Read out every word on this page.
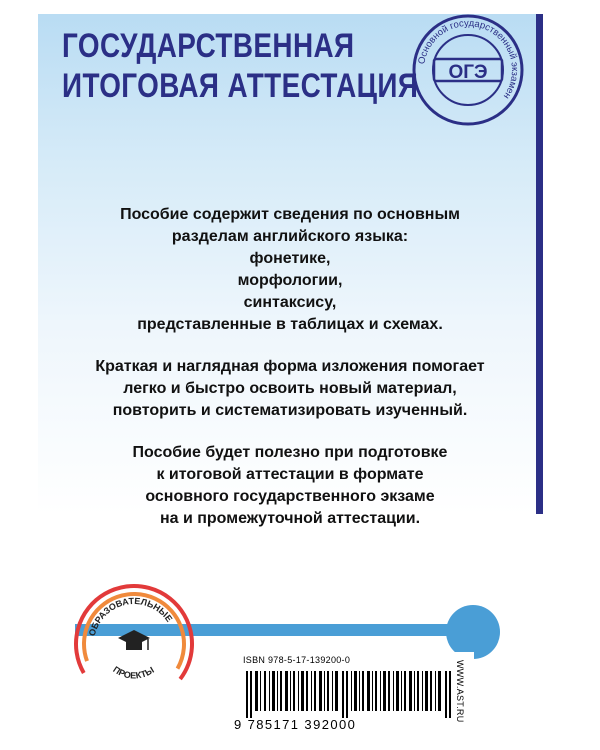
ГОСУДАРСТВЕННАЯ
ИТОГОВАЯ АТТЕСТАЦИЯ ОГЭ
Основной государственный экзамен
Пособие содержит сведения по основным
разделам английского языка:
фонетике,
морфологии,
синтаксису,
представленные в таблицах и схемах.
Краткая и наглядная форма изложения помогает
легко и быстро освоить новый материал,
повторить и систематизировать изученный.
Пособие будет полезно при подготовке
к итоговой аттестации в формате
основного государственного экзаме
на и промежуточной аттестации.
ОБРАЗОВАТЕЛЬНЫЕ
ПРОЕКТЫ
ISBN 978-5-17-139200-0
9 785171 392000
WWW.AST.RU
